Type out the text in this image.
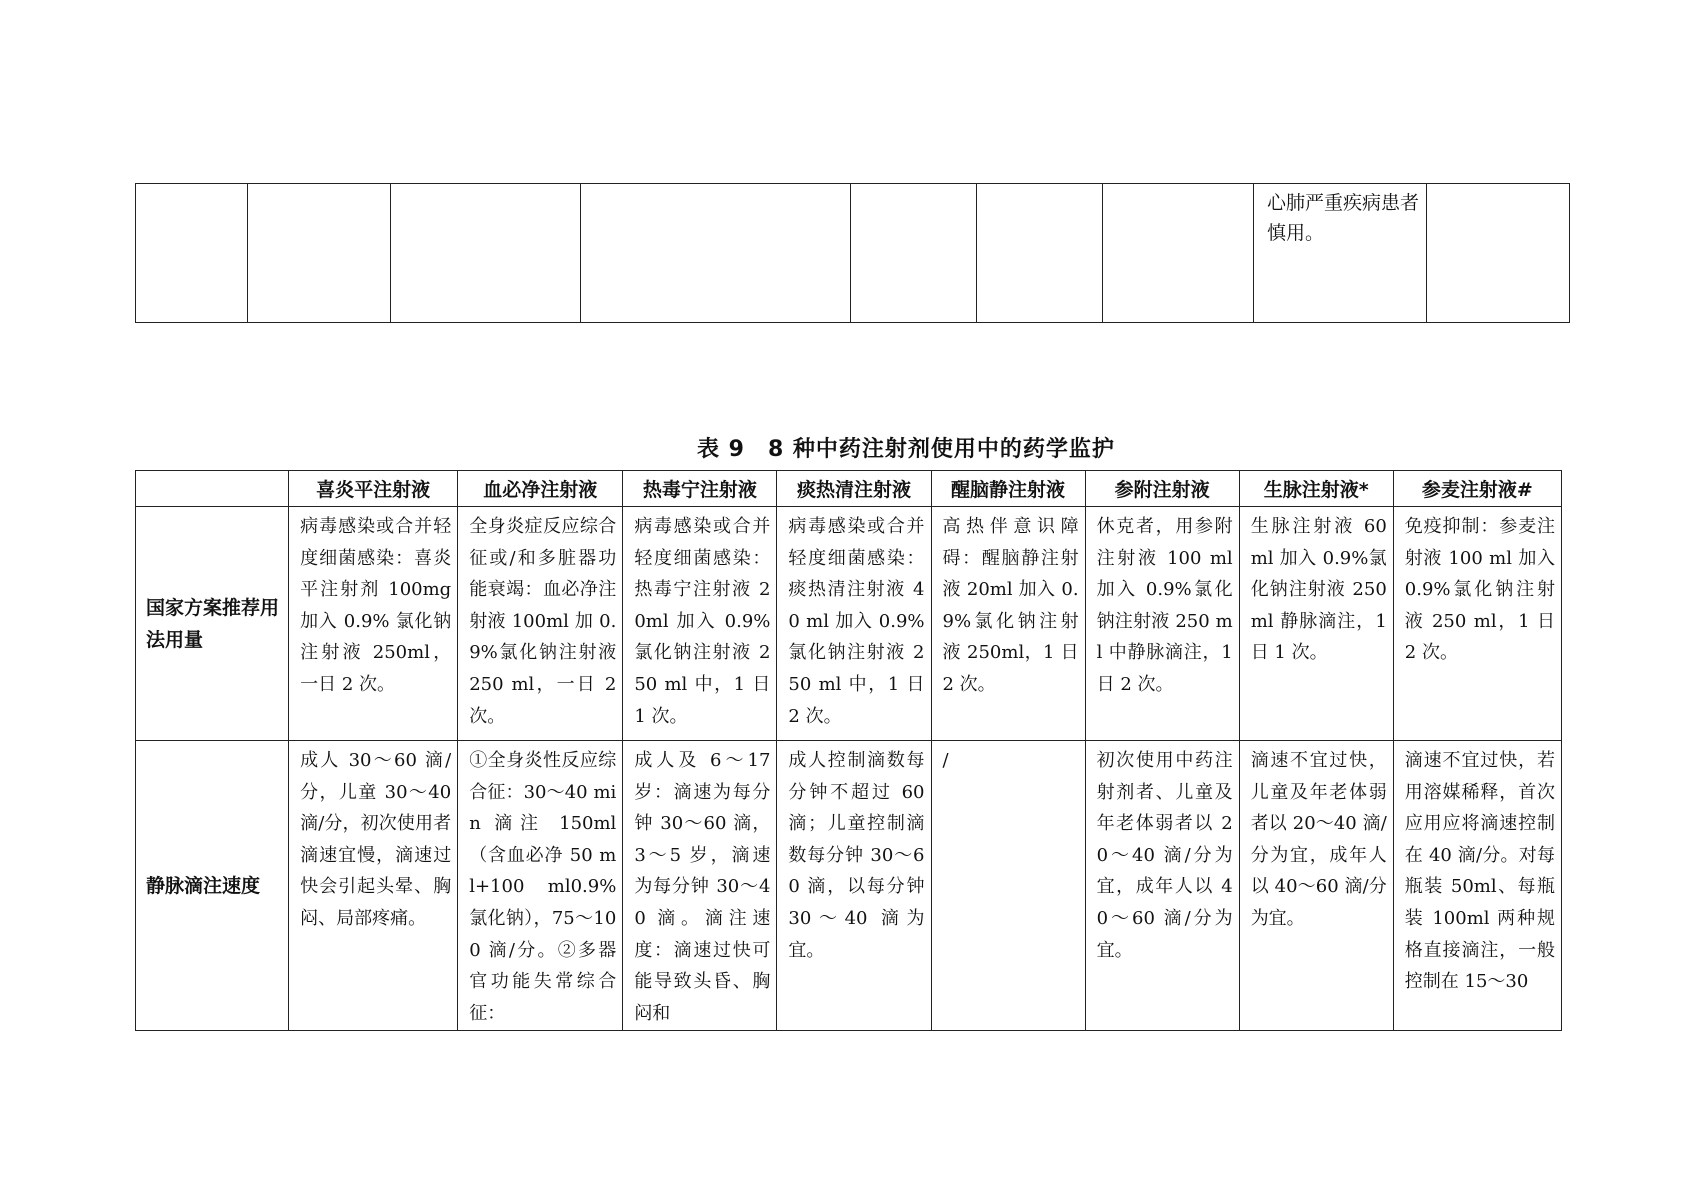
							心肺严重疾病患者慎用。	
表 9　8 种中药注射剂使用中的药学监护
	喜炎平注射液	血必净注射液	热毒宁注射液	痰热清注射液	醒脑静注射液	参附注射液	生脉注射液*	参麦注射液#
国家方案推荐用法用量	病毒感染或合并轻度细菌感染：喜炎平注射剂 100mg 加入 0.9% 氯化钠注射液 250ml，一日 2 次。	全身炎症反应综合征或/和多脏器功能衰竭：血必净注射液 100ml 加 0.9%氯化钠注射液 250 ml，一日 2 次。	病毒感染或合并轻度细菌感染：热毒宁注射液 20ml 加入 0.9%氯化钠注射液 250 ml 中，1 日 1 次。	病毒感染或合并轻度细菌感染：痰热清注射液 40 ml 加入 0.9%氯化钠注射液 250 ml 中，1 日 2 次。	高热伴意识障碍：醒脑静注射液 20ml 加入 0.9%氯化钠注射液 250ml，1 日 2 次。	休克者，用参附注射液 100 ml 加入 0.9%氯化钠注射液 250 ml 中静脉滴注，1 日 2 次。	生脉注射液 60 ml 加入 0.9%氯化钠注射液 250 ml 静脉滴注，1 日 1 次。	免疫抑制：参麦注射液 100 ml 加入 0.9%氯化钠注射液 250 ml，1 日 2 次。
静脉滴注速度	成人 30～60 滴/分，儿童 30～40 滴/分，初次使用者滴速宜慢，滴速过快会引起头晕、胸闷、局部疼痛。	①全身炎性反应综合征：30～40 min 滴注 150ml（含血必净 50 ml+100 ml0.9%氯化钠），75～100 滴/分。②多器官功能失常综合征：	成人及 6～17 岁：滴速为每分钟 30～60 滴，3～5 岁，滴速为每分钟 30～40 滴。滴注速度：滴速过快可能导致头昏、胸闷和	成人控制滴数每分钟不超过 60 滴；儿童控制滴数每分钟 30～60 滴，以每分钟 30～40 滴为宜。	/	初次使用中药注射剂者、儿童及年老体弱者以 20～40 滴/分为宜，成年人以 40～60 滴/分为宜。	滴速不宜过快，儿童及年老体弱者以 20～40 滴/分为宜，成年人以 40～60 滴/分为宜。	滴速不宜过快，若用溶媒稀释，首次应用应将滴速控制在 40 滴/分。对每瓶装 50ml、每瓶装 100ml 两种规格直接滴注，一般控制在 15～30
